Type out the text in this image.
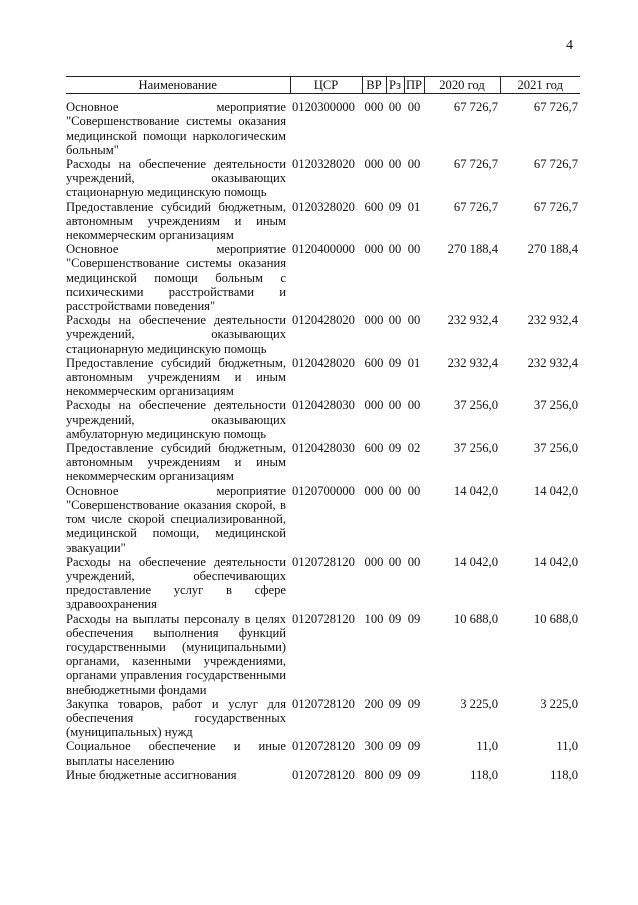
4
Наименование	ЦСР	ВР	Рз	ПР	2020 год	2021 год
Основное мероприятие "Совершенствование системы оказания медицинской помощи наркологическим больным"	0120300000	000	00	00	67 726,7	67 726,7
Расходы на обеспечение деятельности учреждений, оказывающих стационарную медицинскую помощь	0120328020	000	00	00	67 726,7	67 726,7
Предоставление субсидий бюджетным, автономным учреждениям и иным некоммерческим организациям	0120328020	600	09	01	67 726,7	67 726,7
Основное мероприятие "Совершенствование системы оказания медицинской помощи больным с психическими расстройствами и расстройствами поведения"	0120400000	000	00	00	270 188,4	270 188,4
Расходы на обеспечение деятельности учреждений, оказывающих стационарную медицинскую помощь	0120428020	000	00	00	232 932,4	232 932,4
Предоставление субсидий бюджетным, автономным учреждениям и иным некоммерческим организациям	0120428020	600	09	01	232 932,4	232 932,4
Расходы на обеспечение деятельности учреждений, оказывающих амбулаторную медицинскую помощь	0120428030	000	00	00	37 256,0	37 256,0
Предоставление субсидий бюджетным, автономным учреждениям и иным некоммерческим организациям	0120428030	600	09	02	37 256,0	37 256,0
Основное мероприятие "Совершенствование оказания скорой, в том числе скорой специализированной, медицинской помощи, медицинской эвакуации"	0120700000	000	00	00	14 042,0	14 042,0
Расходы на обеспечение деятельности учреждений, обеспечивающих предоставление услуг в сфере здравоохранения	0120728120	000	00	00	14 042,0	14 042,0
Расходы на выплаты персоналу в целях обеспечения выполнения функций государственными (муниципальными) органами, казенными учреждениями, органами управления государственными внебюджетными фондами	0120728120	100	09	09	10 688,0	10 688,0
Закупка товаров, работ и услуг для обеспечения государственных (муниципальных) нужд	0120728120	200	09	09	3 225,0	3 225,0
Социальное обеспечение и иные выплаты населению	0120728120	300	09	09	11,0	11,0
Иные бюджетные ассигнования	0120728120	800	09	09	118,0	118,0
